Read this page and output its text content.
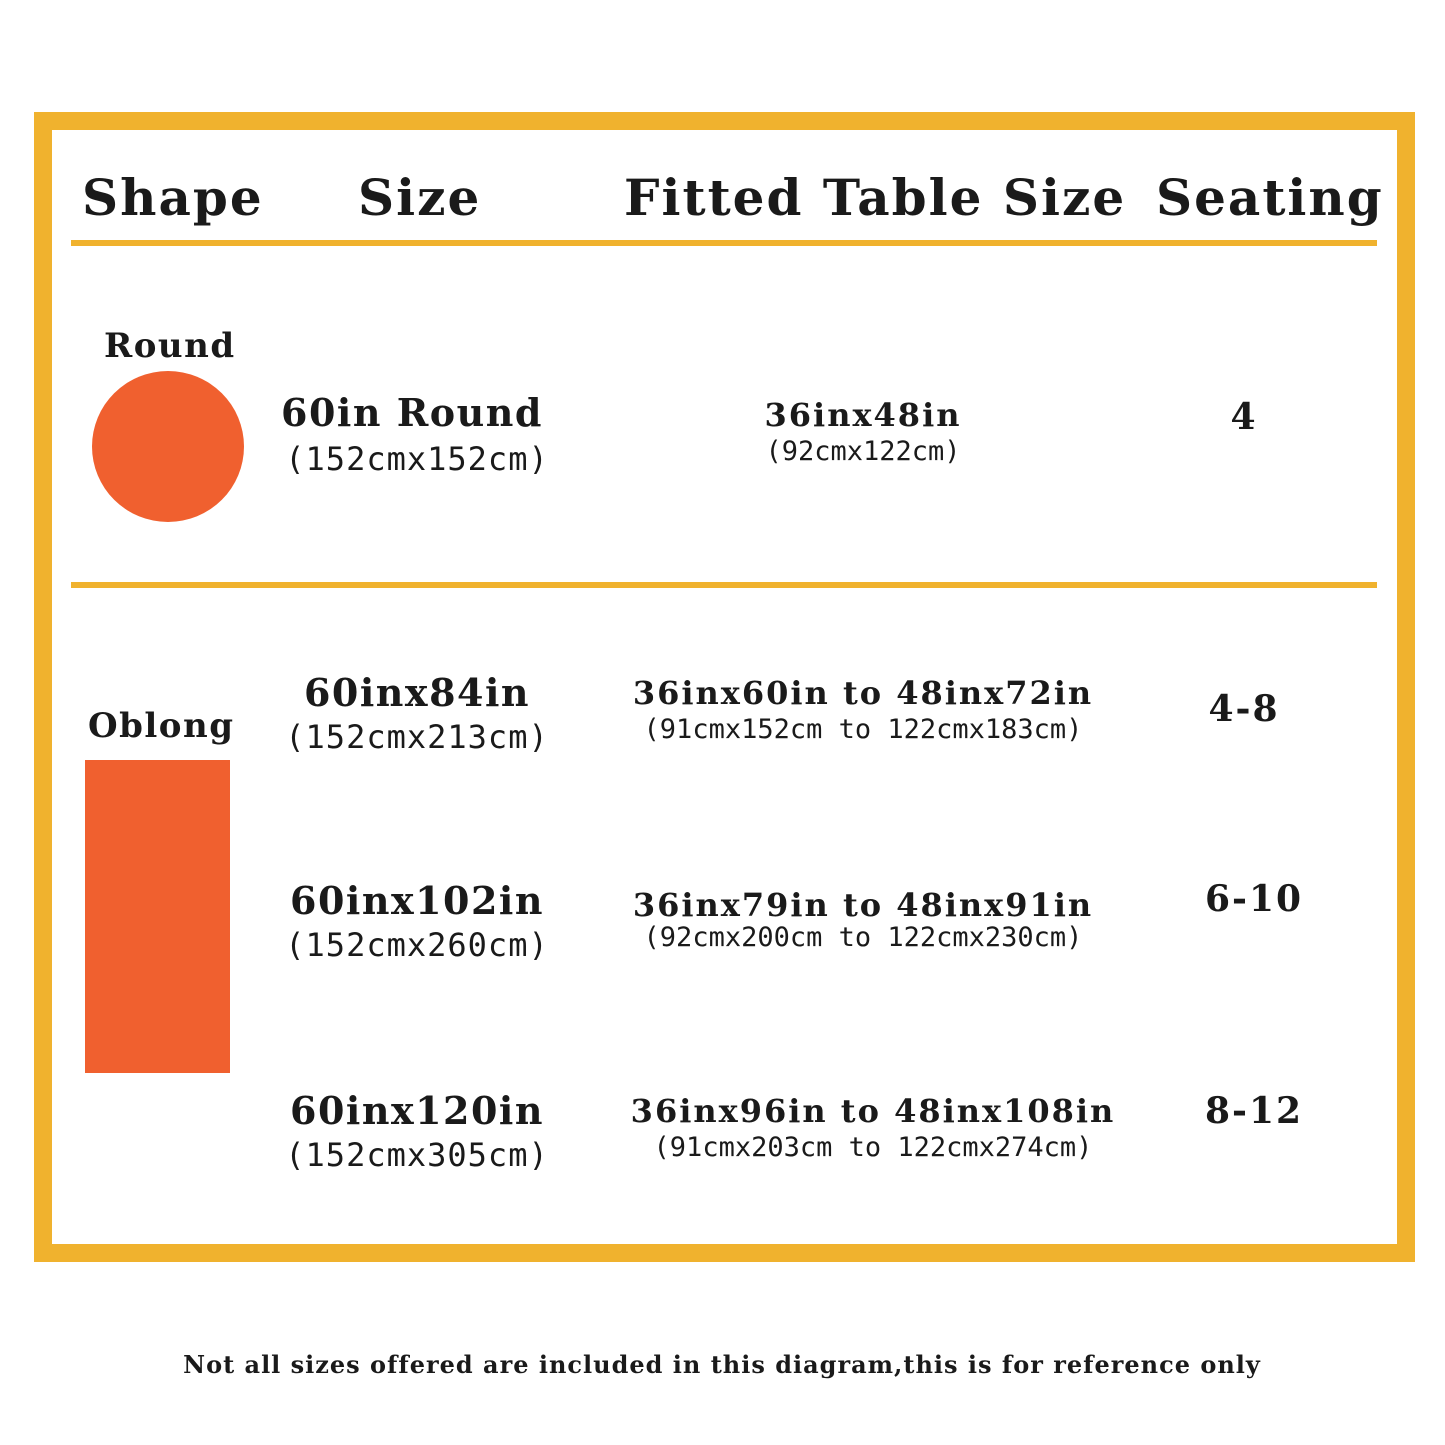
Shape Size	Fitted Table Size Seating
Round
60in Round
(152cmx152cm)
36inx48in
(92cmx122cm)
4
Oblong
60inx84in
(152cmx213cm)
36inx60in to 48inx72in
(91cmx152cm to 122cmx183cm)	4-8
60inx102in
(152cmx260cm)
36inx79in to 48inx91in
(92cmx200cm to 122cmx230cm)
6-10
60inx120in
(152cmx305cm)
36inx96in to 48inx108in
(91cmx203cm to 122cmx274cm)
8-12
Not all sizes offered are included in this diagram,this is for reference only
